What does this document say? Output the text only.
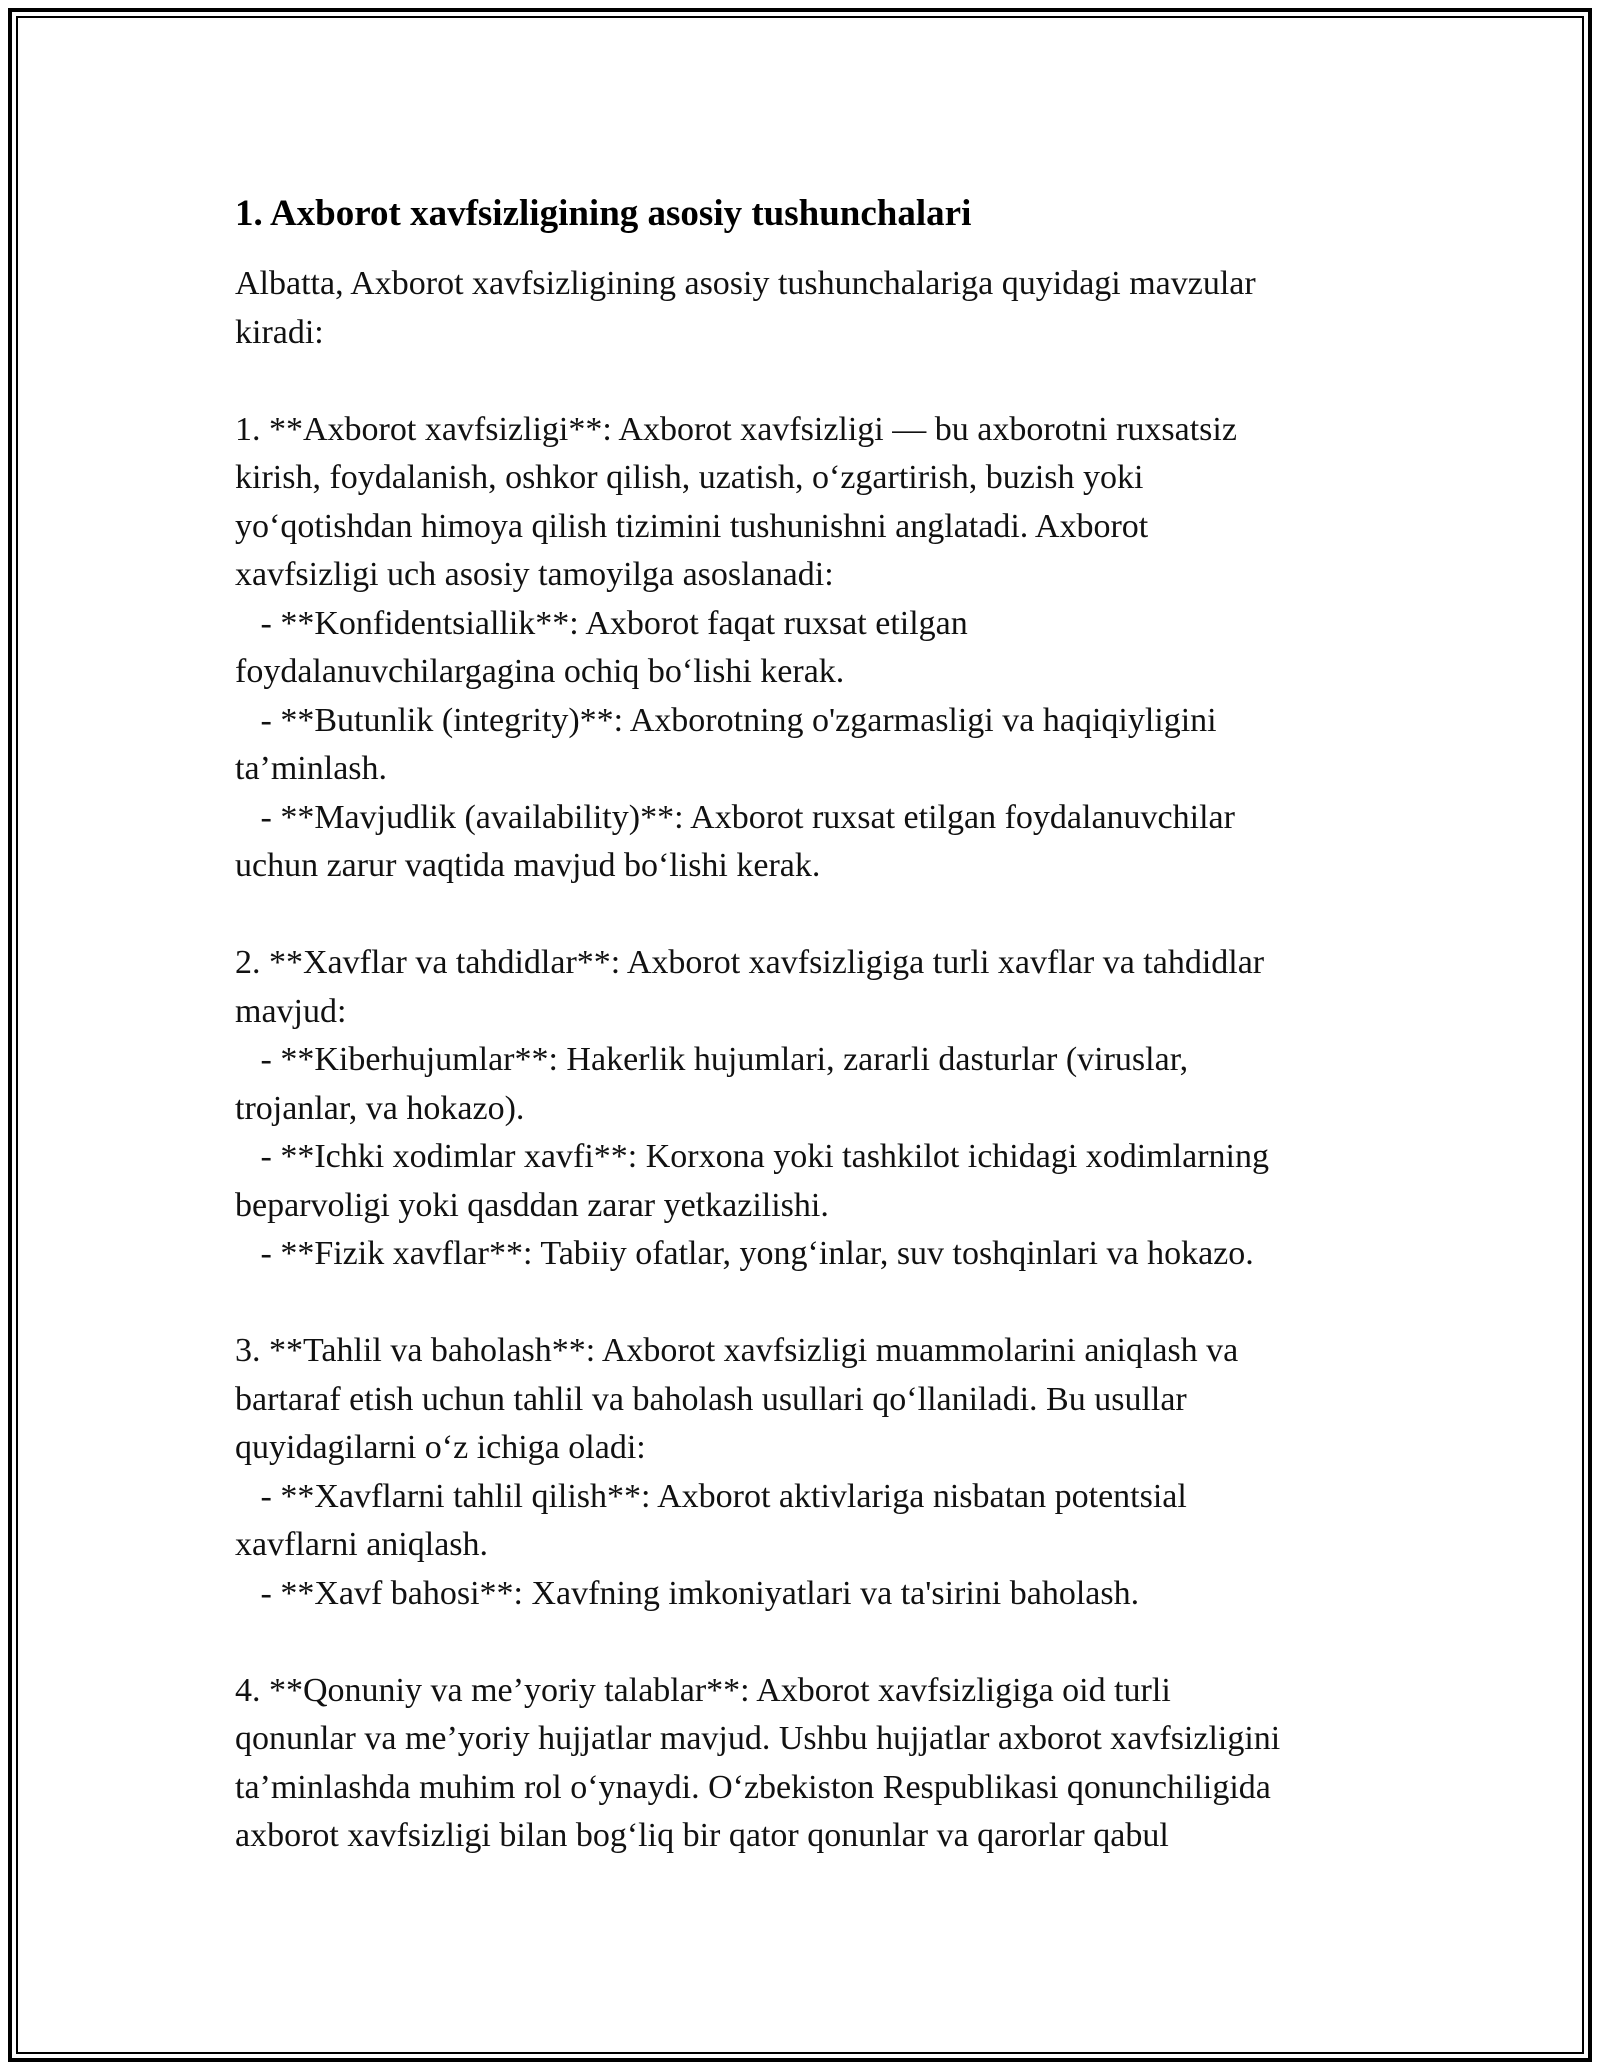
1. Axborot xavfsizligining asosiy tushunchalari
Albatta, Axborot xavfsizligining asosiy tushunchalariga quyidagi mavzular
kiradi:

1. **Axborot xavfsizligi**: Axborot xavfsizligi — bu axborotni ruxsatsiz
kirish, foydalanish, oshkor qilish, uzatish, o‘zgartirish, buzish yoki
yo‘qotishdan himoya qilish tizimini tushunishni anglatadi. Axborot
xavfsizligi uch asosiy tamoyilga asoslanadi:
- **Konfidentsiallik**: Axborot faqat ruxsat etilgan
foydalanuvchilargagina ochiq bo‘lishi kerak.
- **Butunlik (integrity)**: Axborotning o'zgarmasligi va haqiqiyligini
ta’minlash.
- **Mavjudlik (availability)**: Axborot ruxsat etilgan foydalanuvchilar
uchun zarur vaqtida mavjud bo‘lishi kerak.

2. **Xavflar va tahdidlar**: Axborot xavfsizligiga turli xavflar va tahdidlar
mavjud:
- **Kiberhujumlar**: Hakerlik hujumlari, zararli dasturlar (viruslar,
trojanlar, va hokazo).
- **Ichki xodimlar xavfi**: Korxona yoki tashkilot ichidagi xodimlarning
beparvoligi yoki qasddan zarar yetkazilishi.
- **Fizik xavflar**: Tabiiy ofatlar, yong‘inlar, suv toshqinlari va hokazo.

3. **Tahlil va baholash**: Axborot xavfsizligi muammolarini aniqlash va
bartaraf etish uchun tahlil va baholash usullari qo‘llaniladi. Bu usullar
quyidagilarni o‘z ichiga oladi:
- **Xavflarni tahlil qilish**: Axborot aktivlariga nisbatan potentsial
xavflarni aniqlash.
- **Xavf bahosi**: Xavfning imkoniyatlari va ta'sirini baholash.

4. **Qonuniy va me’yoriy talablar**: Axborot xavfsizligiga oid turli
qonunlar va me’yoriy hujjatlar mavjud. Ushbu hujjatlar axborot xavfsizligini
ta’minlashda muhim rol o‘ynaydi. O‘zbekiston Respublikasi qonunchiligida
axborot xavfsizligi bilan bog‘liq bir qator qonunlar va qarorlar qabul
